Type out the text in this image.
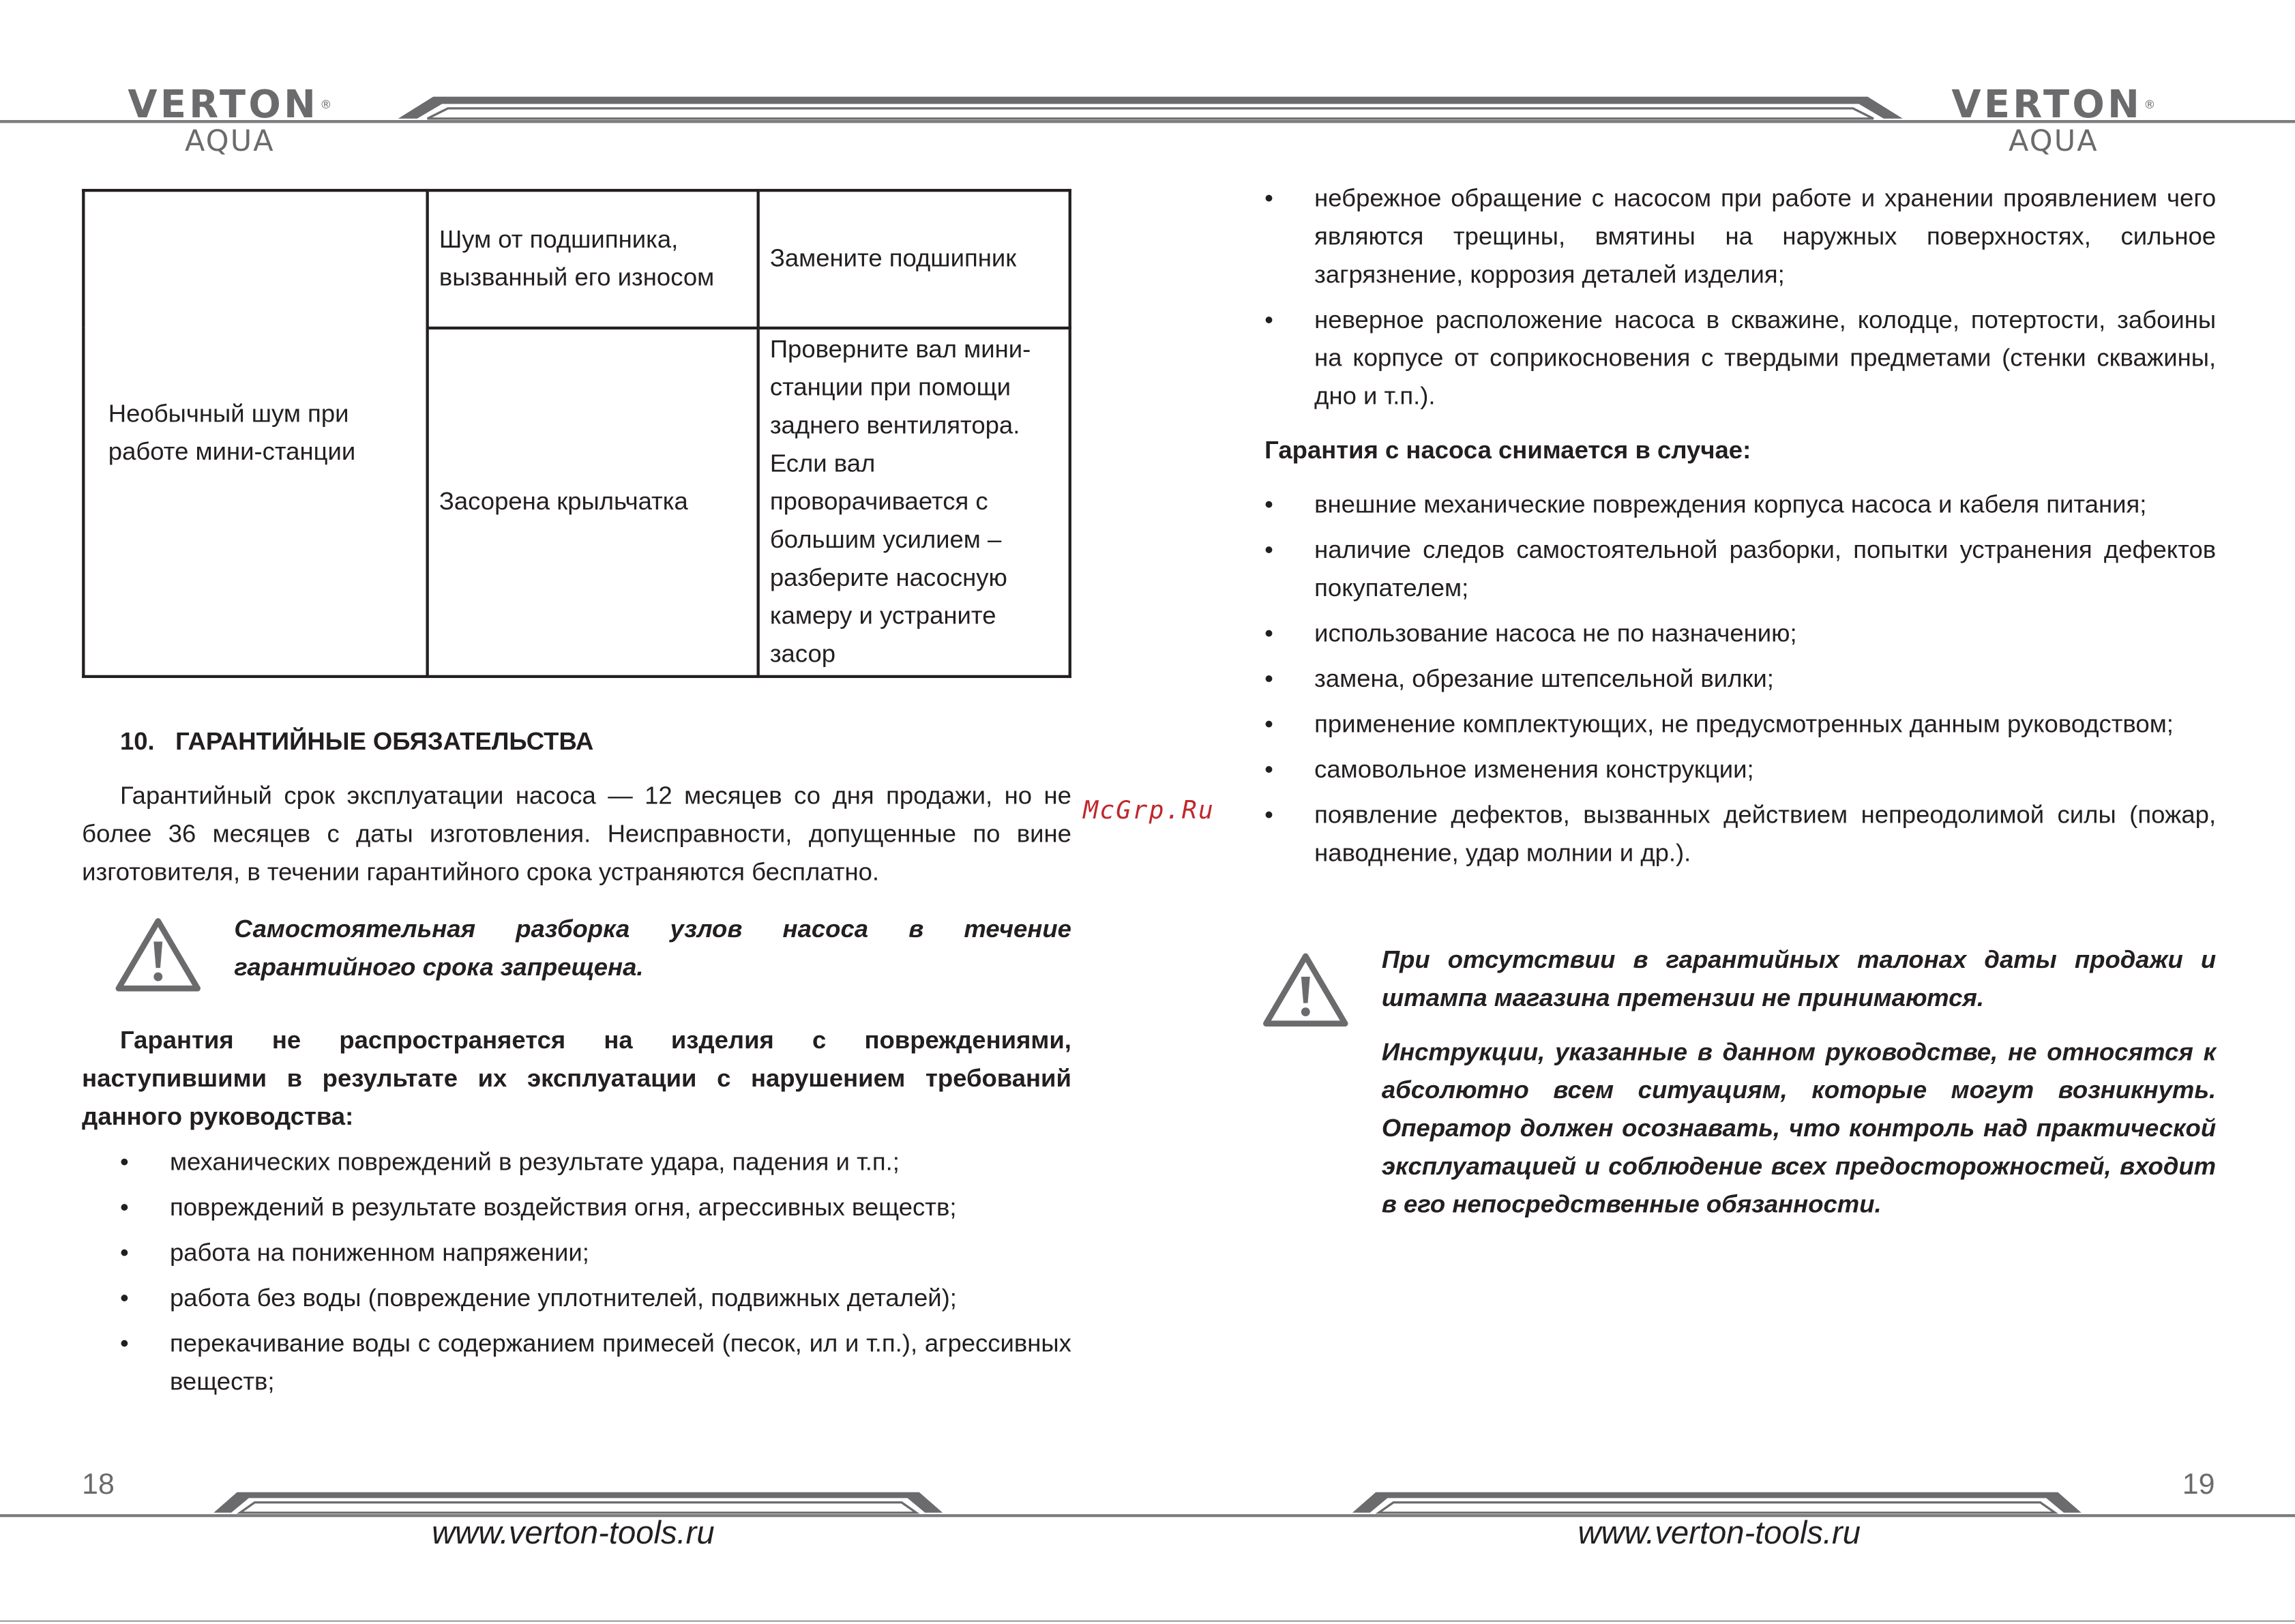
VERTON ®
AQUA
VERTON ®
AQUA
Необычный шум при работе мини-станции	Шум от подшипника, вызванный его износом	Замените подшипник
	Засорена крыльчатка	Проверните вал мини-станции при помощи заднего вентилятора. Если вал проворачивается с большим усилием – разберите насосную камеру и устраните засор
10.   ГАРАНТИЙНЫЕ ОБЯЗАТЕЛЬСТВА
Гарантийный срок эксплуатации насоса — 12 месяцев со дня продажи, но не более 36 месяцев с даты изготовления. Неисправности, допущенные по вине изготовителя, в течении гарантийного срока устраняются бесплатно.
Самостоятельная разборка узлов насоса в течение гарантийного срока запрещена.
Гарантия не распространяется на изделия с повреждениями, наступившими в результате их эксплуатации с нарушением требований данного руководства:
• механических повреждений в результате удара, падения и т.п.;
• повреждений в результате воздействия огня, агрессивных веществ;
• работа на пониженном напряжении;
• работа без воды (повреждение уплотнителей, подвижных деталей);
• перекачивание воды с содержанием примесей (песок, ил и т.п.), агрессивных веществ;
McGrp.Ru
• небрежное обращение с насосом при работе и хранении проявлением чего являются трещины, вмятины на наружных поверхностях, сильное загрязнение, коррозия деталей изделия;
• неверное расположение насоса в скважине, колодце, потертости, забоины на корпусе от соприкосновения с твердыми предметами (стенки скважины, дно и т.п.).
Гарантия с насоса снимается в случае:
• внешние механические повреждения корпуса насоса и кабеля питания;
• наличие следов самостоятельной разборки, попытки устранения дефектов покупателем;
• использование насоса не по назначению;
• замена, обрезание штепсельной вилки;
• применение комплектующих, не предусмотренных данным руководством;
• самовольное изменения конструкции;
• появление дефектов, вызванных действием непреодолимой силы (пожар, наводнение, удар молнии и др.).
При отсутствии в гарантийных талонах даты продажи и штампа магазина претензии не принимаются.
Инструкции, указанные в данном руководстве, не относятся к абсолютно всем ситуациям, которые могут возникнуть. Оператор должен осознавать, что контроль над практической эксплуатацией и соблюдение всех предосторожностей, входит в его непосредственные обязанности.
18	19
www.verton-tools.ru	www.verton-tools.ru
